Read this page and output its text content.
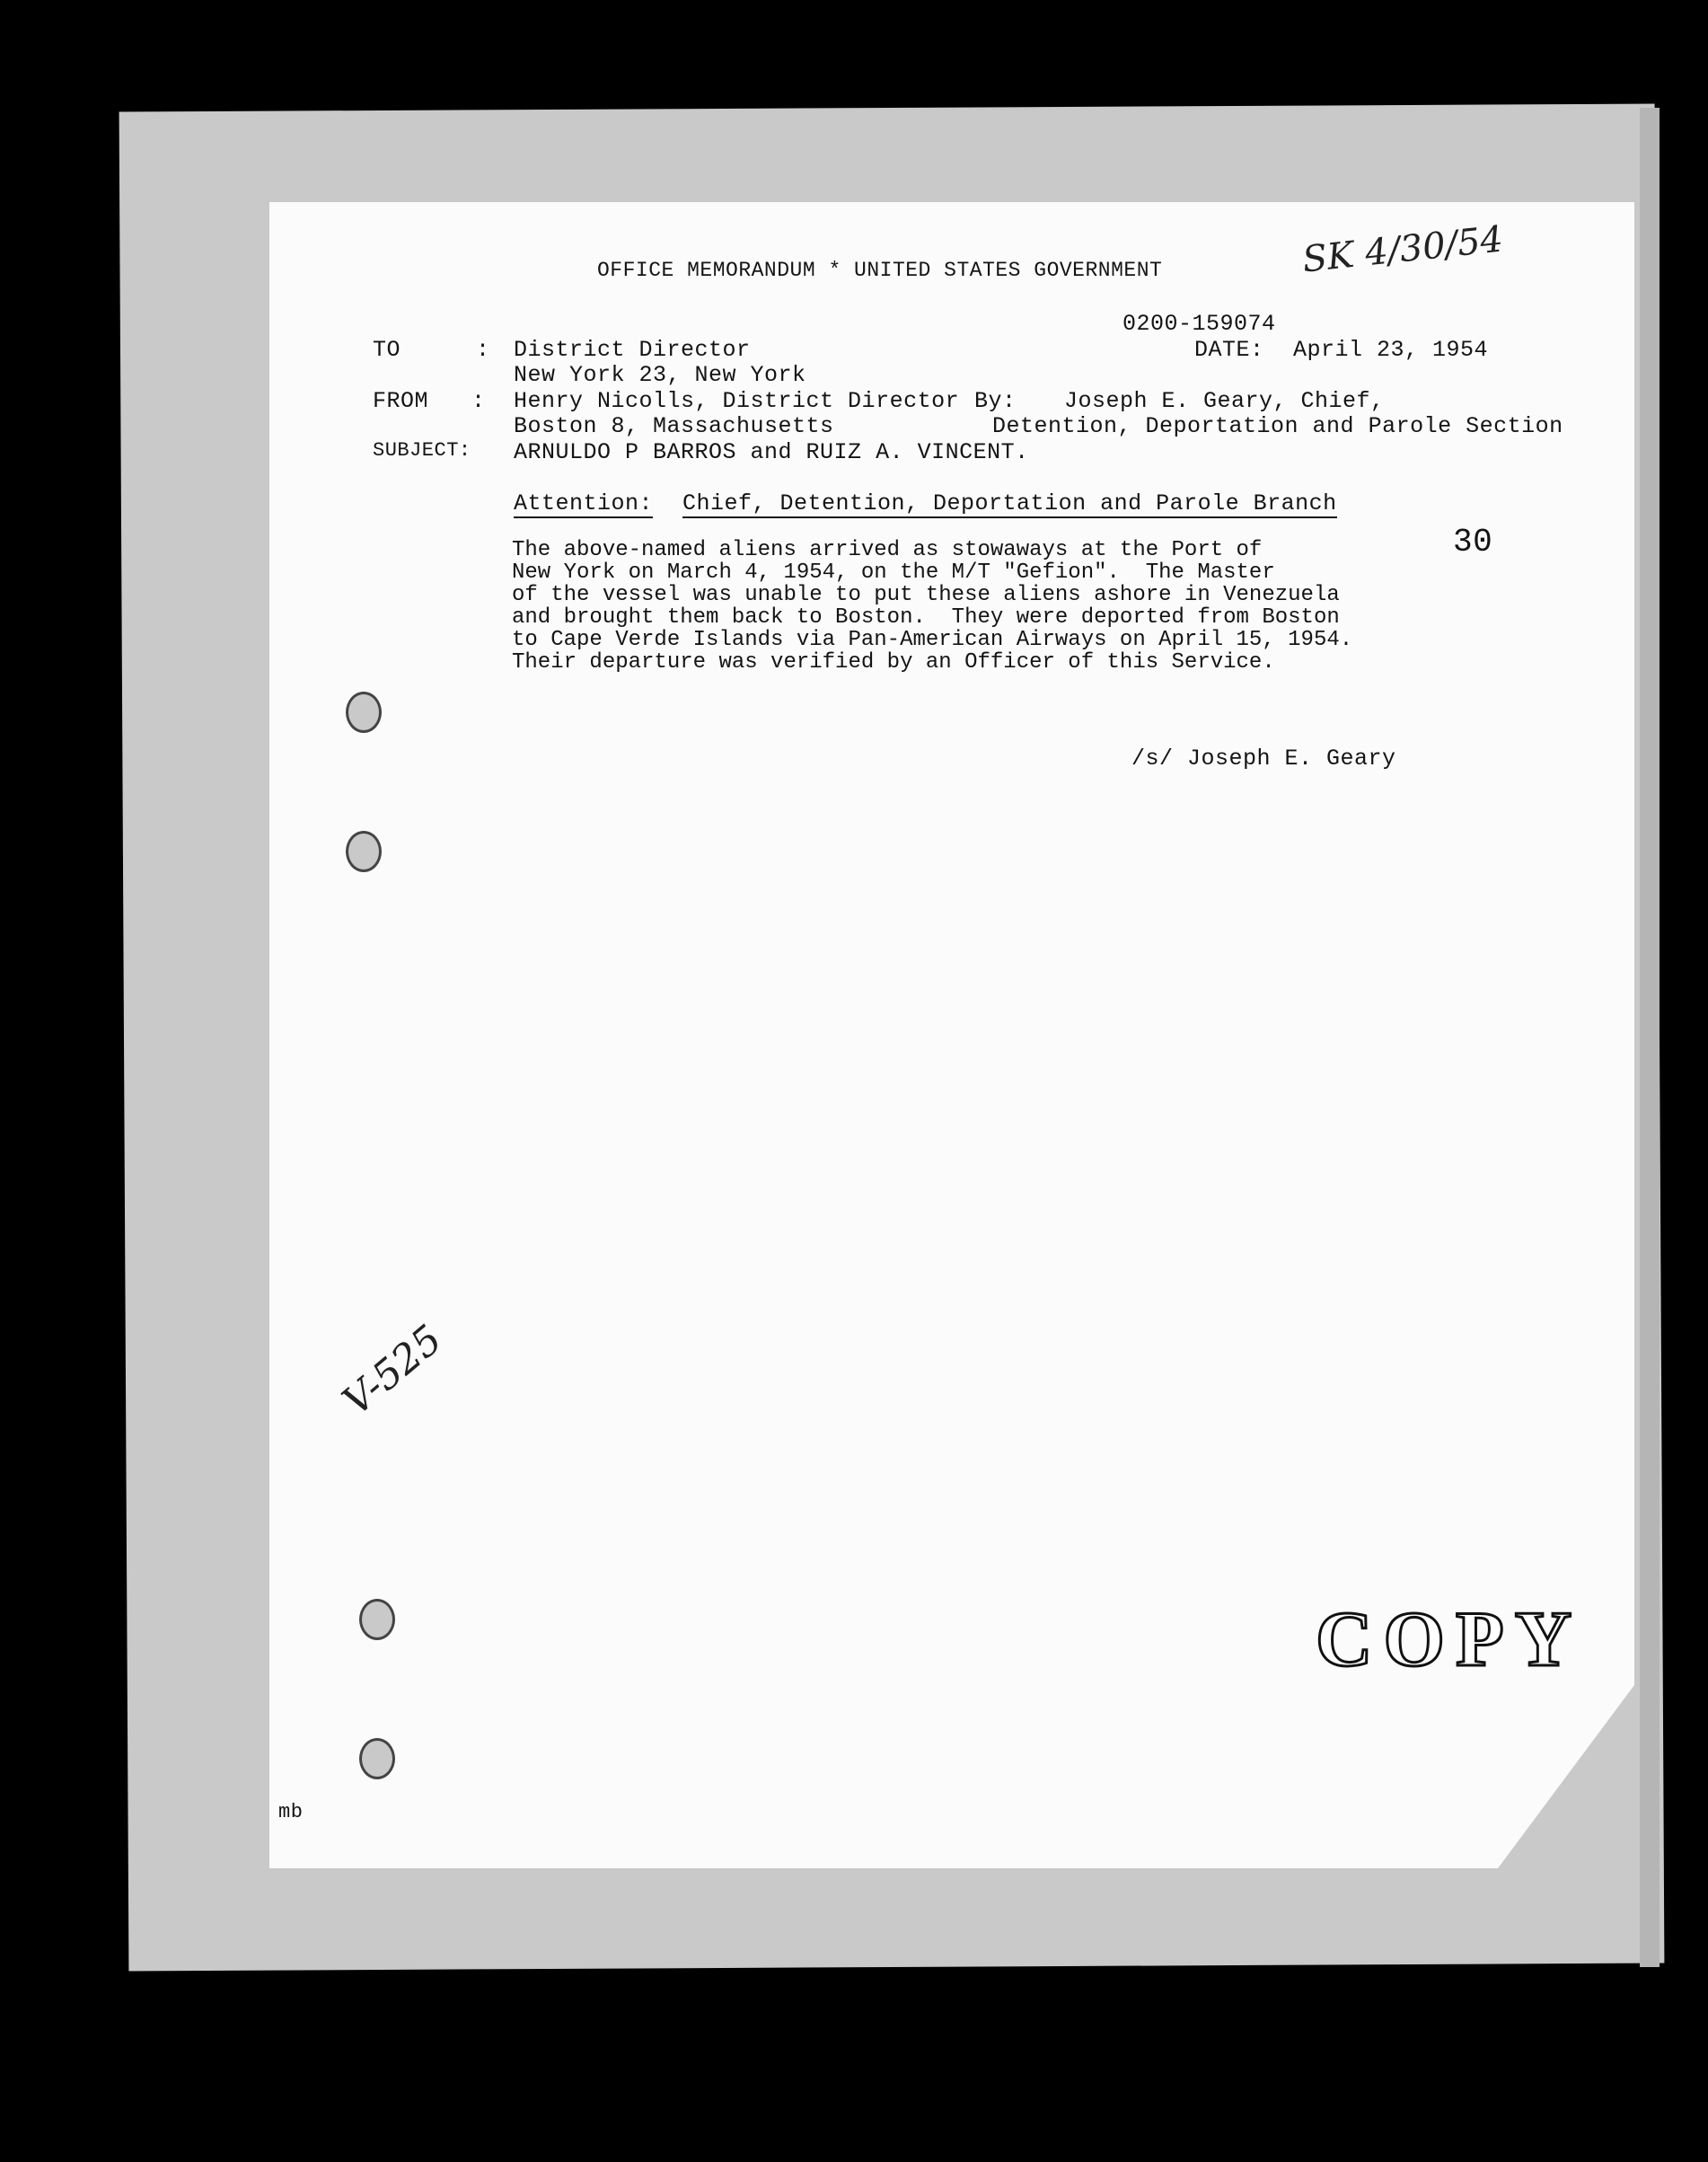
OFFICE MEMORANDUM * UNITED STATES GOVERNMENT	SK 4/30/54
0200-159074
TO	: District Director
New York 23, New York
DATE: April 23, 1954
FROM : Henry Nicolls, District Director
Boston 8, Massachusetts
By: Joseph E. Geary, Chief,
Detention, Deportation and Parole Section
SUBJECT: ARNULDO P BARROS and RUIZ A. VINCENT.
Attention: Chief, Detention, Deportation and Parole Branch
30
The above-named aliens arrived as stowaways at the Port of
New York on March 4, 1954, on the M/T "Gefion".  The Master
of the vessel was unable to put these aliens ashore in Venezuela
and brought them back to Boston.  They were deported from Boston
to Cape Verde Islands via Pan-American Airways on April 15, 1954.
Their departure was verified by an Officer of this Service.
/s/ Joseph E. Geary
V-525
COPY
mb
